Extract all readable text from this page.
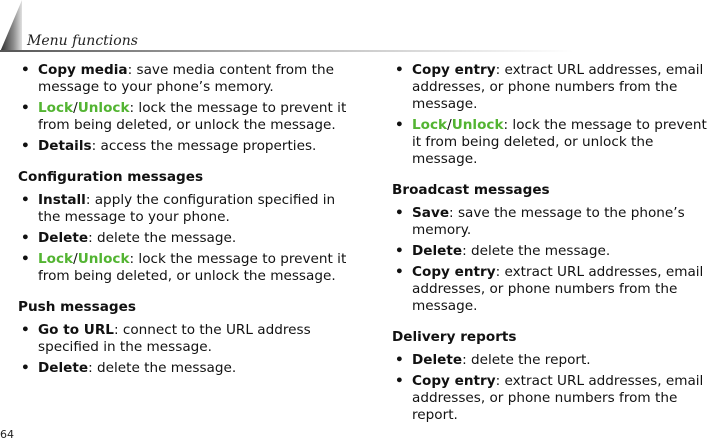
Menu functions
• Copy media: save media content from the message to your phone’s memory.
• Lock/Unlock: lock the message to prevent it from being deleted, or unlock the message.
• Details: access the message properties.
Configuration messages
• Install: apply the configuration specified in the message to your phone.
• Delete: delete the message.
• Lock/Unlock: lock the message to prevent it from being deleted, or unlock the message.
Push messages
• Go to URL: connect to the URL address specified in the message.
• Delete: delete the message.
• Copy entry: extract URL addresses, email addresses, or phone numbers from the message.
• Lock/Unlock: lock the message to prevent it from being deleted, or unlock the message.
Broadcast messages
• Save: save the message to the phone’s memory.
• Delete: delete the message.
• Copy entry: extract URL addresses, email addresses, or phone numbers from the message.
Delivery reports
• Delete: delete the report.
• Copy entry: extract URL addresses, email addresses, or phone numbers from the report.
64
